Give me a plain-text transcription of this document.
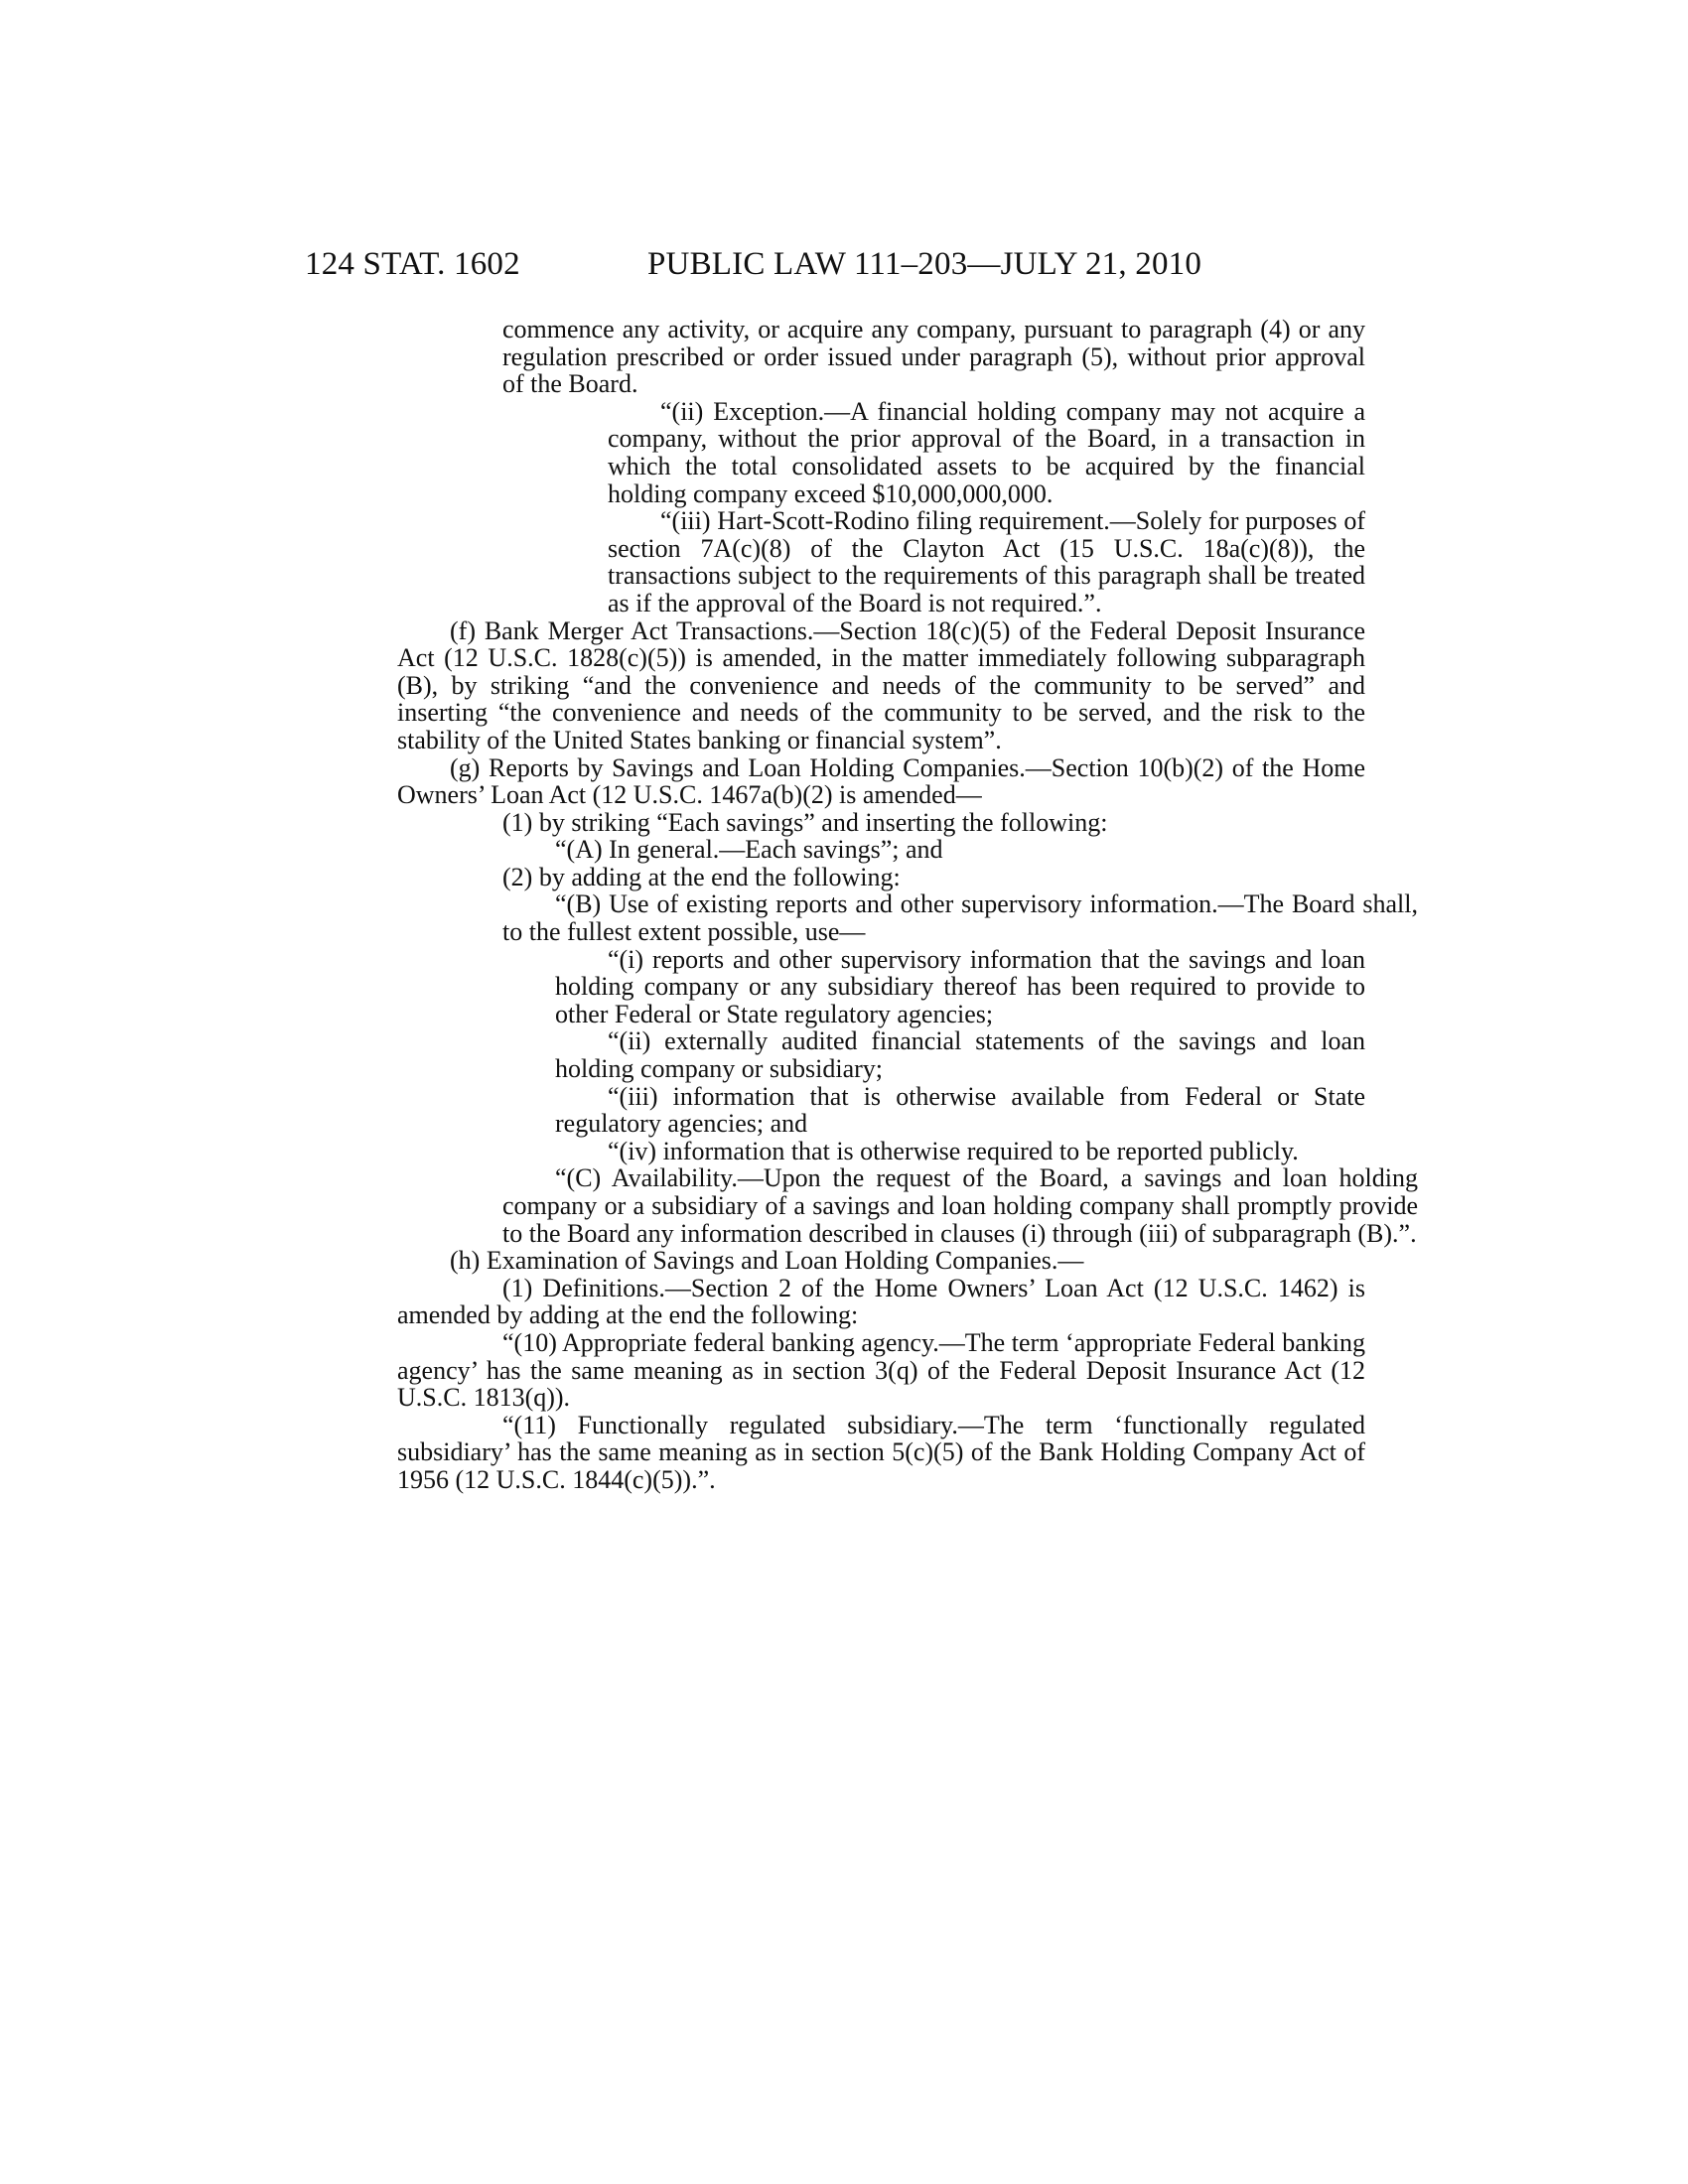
124 STAT. 1602	PUBLIC LAW 111–203—JULY 21, 2010

commence any activity, or acquire any company, pursuant to paragraph (4) or any regulation prescribed or order issued under paragraph (5), without prior approval of the Board.

“(ii) Exception.—A financial holding company may not acquire a company, without the prior approval of the Board, in a transaction in which the total consolidated assets to be acquired by the financial holding company exceed $10,000,000,000.

“(iii) Hart-Scott-Rodino filing requirement.—Solely for purposes of section 7A(c)(8) of the Clayton Act (15 U.S.C. 18a(c)(8)), the transactions subject to the requirements of this paragraph shall be treated as if the approval of the Board is not required.”.

(f) Bank Merger Act Transactions.—Section 18(c)(5) of the Federal Deposit Insurance Act (12 U.S.C. 1828(c)(5)) is amended, in the matter immediately following subparagraph (B), by striking “and the convenience and needs of the community to be served” and inserting “the convenience and needs of the community to be served, and the risk to the stability of the United States banking or financial system”.

(g) Reports by Savings and Loan Holding Companies.—Section 10(b)(2) of the Home Owners’ Loan Act (12 U.S.C. 1467a(b)(2) is amended—

(1) by striking “Each savings” and inserting the following:

“(A) In general.—Each savings”; and

(2) by adding at the end the following:

“(B) Use of existing reports and other supervisory information.—The Board shall, to the fullest extent possible, use—

“(i) reports and other supervisory information that the savings and loan holding company or any subsidiary thereof has been required to provide to other Federal or State regulatory agencies;

“(ii) externally audited financial statements of the savings and loan holding company or subsidiary;

“(iii) information that is otherwise available from Federal or State regulatory agencies; and

“(iv) information that is otherwise required to be reported publicly.

“(C) Availability.—Upon the request of the Board, a savings and loan holding company or a subsidiary of a savings and loan holding company shall promptly provide to the Board any information described in clauses (i) through (iii) of subparagraph (B).”.

(h) Examination of Savings and Loan Holding Companies.—

(1) Definitions.—Section 2 of the Home Owners’ Loan Act (12 U.S.C. 1462) is amended by adding at the end the following:

“(10) Appropriate federal banking agency.—The term ‘appropriate Federal banking agency’ has the same meaning as in section 3(q) of the Federal Deposit Insurance Act (12 U.S.C. 1813(q)).

“(11) Functionally regulated subsidiary.—The term ‘functionally regulated subsidiary’ has the same meaning as in section 5(c)(5) of the Bank Holding Company Act of 1956 (12 U.S.C. 1844(c)(5)).”.
